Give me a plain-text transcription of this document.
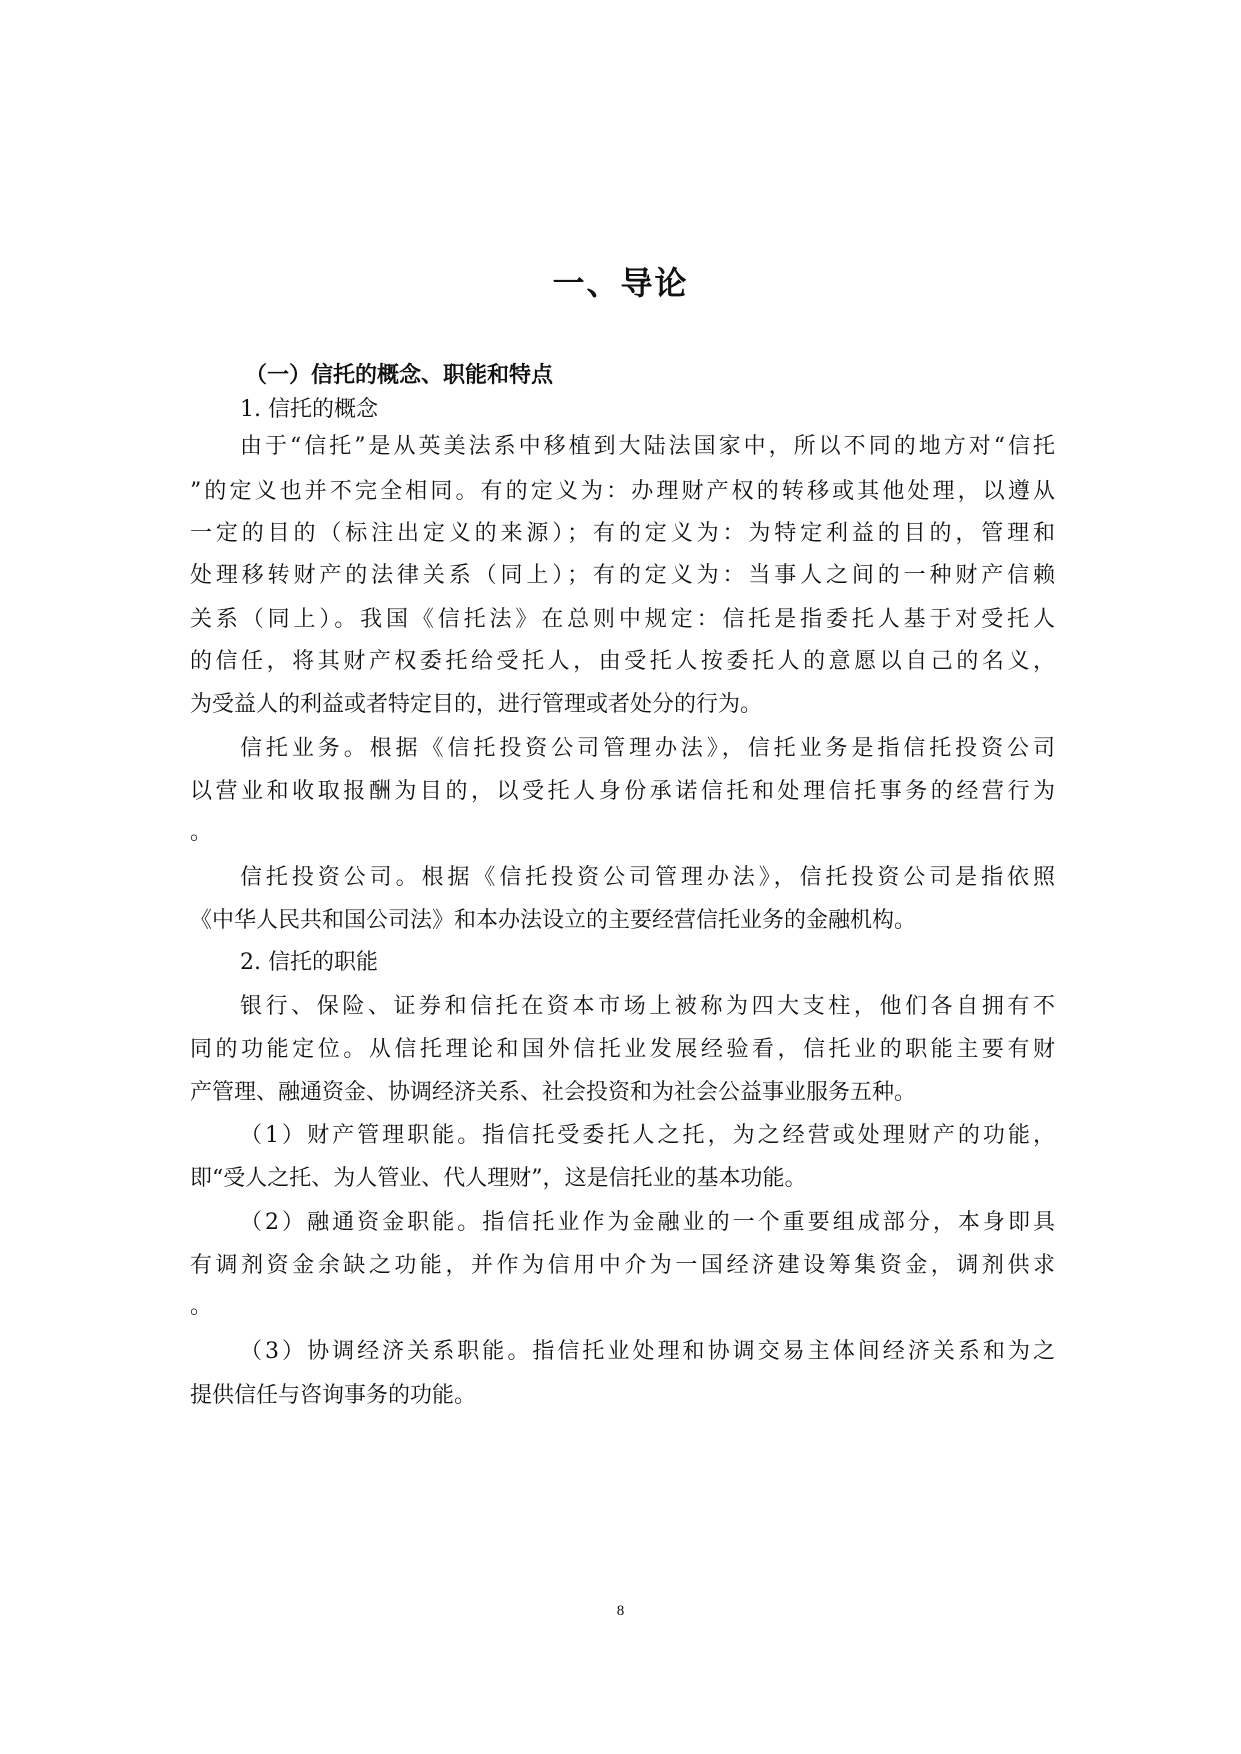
一、导论
（一）信托的概念、职能和特点
1. 信托的概念
由于“信托”是从英美法系中移植到大陆法国家中，所以不同的地方对“信托
”的定义也并不完全相同。有的定义为：办理财产权的转移或其他处理，以遵从
一定的目的（标注出定义的来源）；有的定义为：为特定利益的目的，管理和
处理移转财产的法律关系（同上）；有的定义为：当事人之间的一种财产信赖
关系（同上）。我国《信托法》在总则中规定：信托是指委托人基于对受托人
的信任，将其财产权委托给受托人，由受托人按委托人的意愿以自己的名义，
为受益人的利益或者特定目的，进行管理或者处分的行为。
信托业务。根据《信托投资公司管理办法》，信托业务是指信托投资公司
以营业和收取报酬为目的，以受托人身份承诺信托和处理信托事务的经营行为
。
信托投资公司。根据《信托投资公司管理办法》，信托投资公司是指依照
《中华人民共和国公司法》和本办法设立的主要经营信托业务的金融机构。
2. 信托的职能
银行、保险、证券和信托在资本市场上被称为四大支柱，他们各自拥有不
同的功能定位。从信托理论和国外信托业发展经验看，信托业的职能主要有财
产管理、融通资金、协调经济关系、社会投资和为社会公益事业服务五种。
（1）财产管理职能。指信托受委托人之托，为之经营或处理财产的功能，
即“受人之托、为人管业、代人理财”，这是信托业的基本功能。
（2）融通资金职能。指信托业作为金融业的一个重要组成部分，本身即具
有调剂资金余缺之功能，并作为信用中介为一国经济建设筹集资金，调剂供求
。
（3）协调经济关系职能。指信托业处理和协调交易主体间经济关系和为之
提供信任与咨询事务的功能。
8
